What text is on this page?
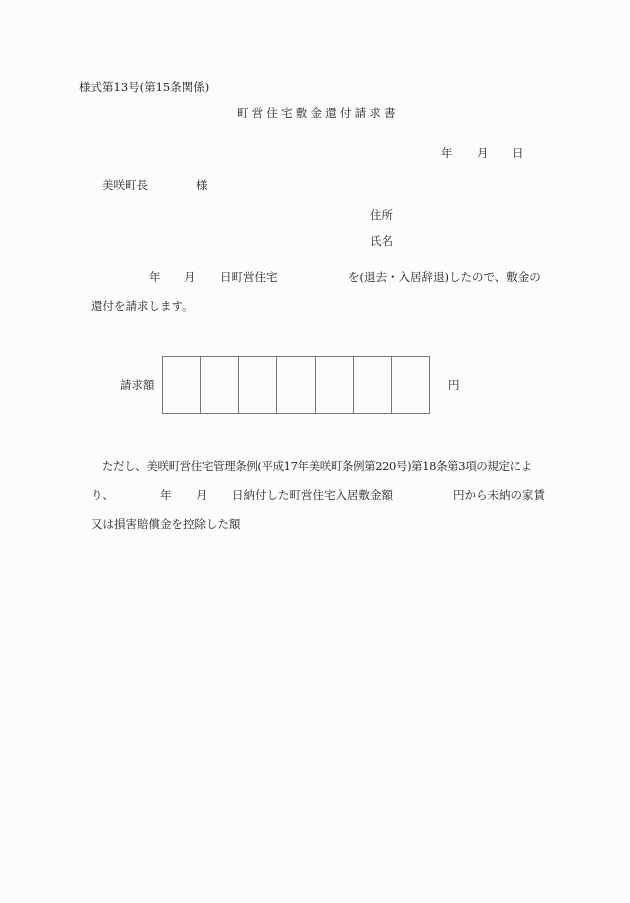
様式第13号(第15条関係)
町営住宅敷金還付請求書
年 月 日
美咲町長	様
住所
氏名
年 月 日町営住宅	を(退去・入居辞退)したので、敷金の
還付を請求します。
請求額	円
ただし、美咲町営住宅管理条例(平成17年美咲町条例第220号)第18条第3項の規定によ
り、	年 月 日納付した町営住宅入居敷金額	円から未納の家賃
又は損害賠償金を控除した額
